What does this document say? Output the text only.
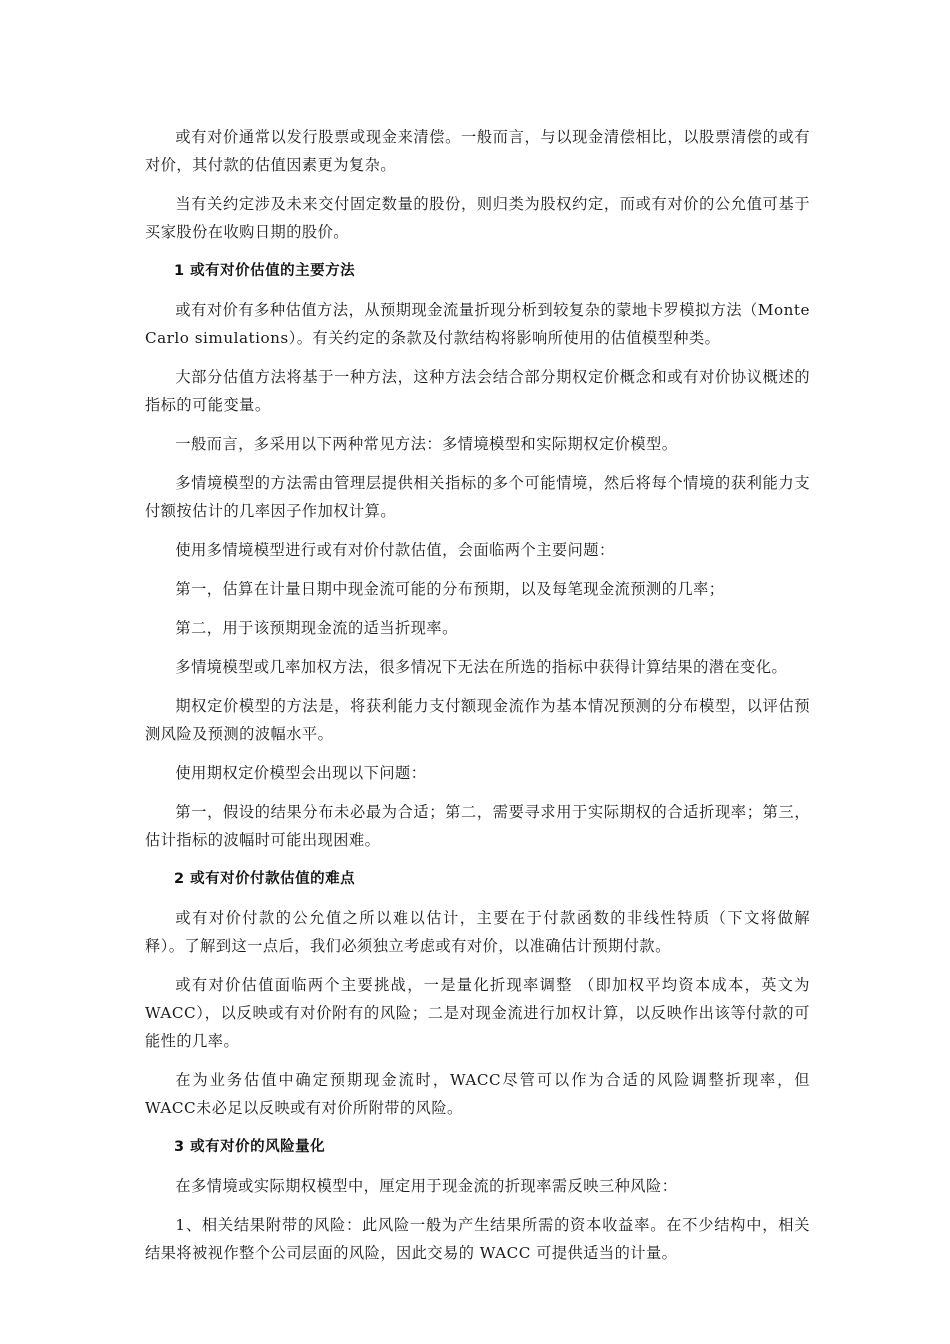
或有对价通常以发行股票或现金来清偿。一般而言，与以现金清偿相比，以股票清偿的或有对价，其付款的估值因素更为复杂。

当有关约定涉及未来交付固定数量的股份，则归类为股权约定，而或有对价的公允值可基于买家股份在收购日期的股价。

1 或有对价估值的主要方法

或有对价有多种估值方法，从预期现金流量折现分析到较复杂的蒙地卡罗模拟方法（Monte Carlo simulations）。有关约定的条款及付款结构将影响所使用的估值模型种类。

大部分估值方法将基于一种方法，这种方法会结合部分期权定价概念和或有对价协议概述的指标的可能变量。

一般而言，多采用以下两种常见方法：多情境模型和实际期权定价模型。

多情境模型的方法需由管理层提供相关指标的多个可能情境，然后将每个情境的获利能力支付额按估计的几率因子作加权计算。

使用多情境模型进行或有对价付款估值，会面临两个主要问题：

第一，估算在计量日期中现金流可能的分布预期，以及每笔现金流预测的几率；

第二，用于该预期现金流的适当折现率。

多情境模型或几率加权方法，很多情况下无法在所选的指标中获得计算结果的潜在变化。

期权定价模型的方法是，将获利能力支付额现金流作为基本情况预测的分布模型，以评估预测风险及预测的波幅水平。

使用期权定价模型会出现以下问题：

第一，假设的结果分布未必最为合适；第二，需要寻求用于实际期权的合适折现率；第三，估计指标的波幅时可能出现困难。

2 或有对价付款估值的难点

或有对价付款的公允值之所以难以估计，主要在于付款函数的非线性特质（下文将做解释）。了解到这一点后，我们必须独立考虑或有对价，以准确估计预期付款。

或有对价估值面临两个主要挑战，一是量化折现率调整 （即加权平均资本成本，英文为WACC），以反映或有对价附有的风险；二是对现金流进行加权计算，以反映作出该等付款的可能性的几率。

在为业务估值中确定预期现金流时，WACC尽管可以作为合适的风险调整折现率，但WACC未必足以反映或有对价所附带的风险。

3 或有对价的风险量化

在多情境或实际期权模型中，厘定用于现金流的折现率需反映三种风险：

1、相关结果附带的风险：此风险一般为产生结果所需的资本收益率。在不少结构中，相关结果将被视作整个公司层面的风险，因此交易的 WACC 可提供适当的计量。
